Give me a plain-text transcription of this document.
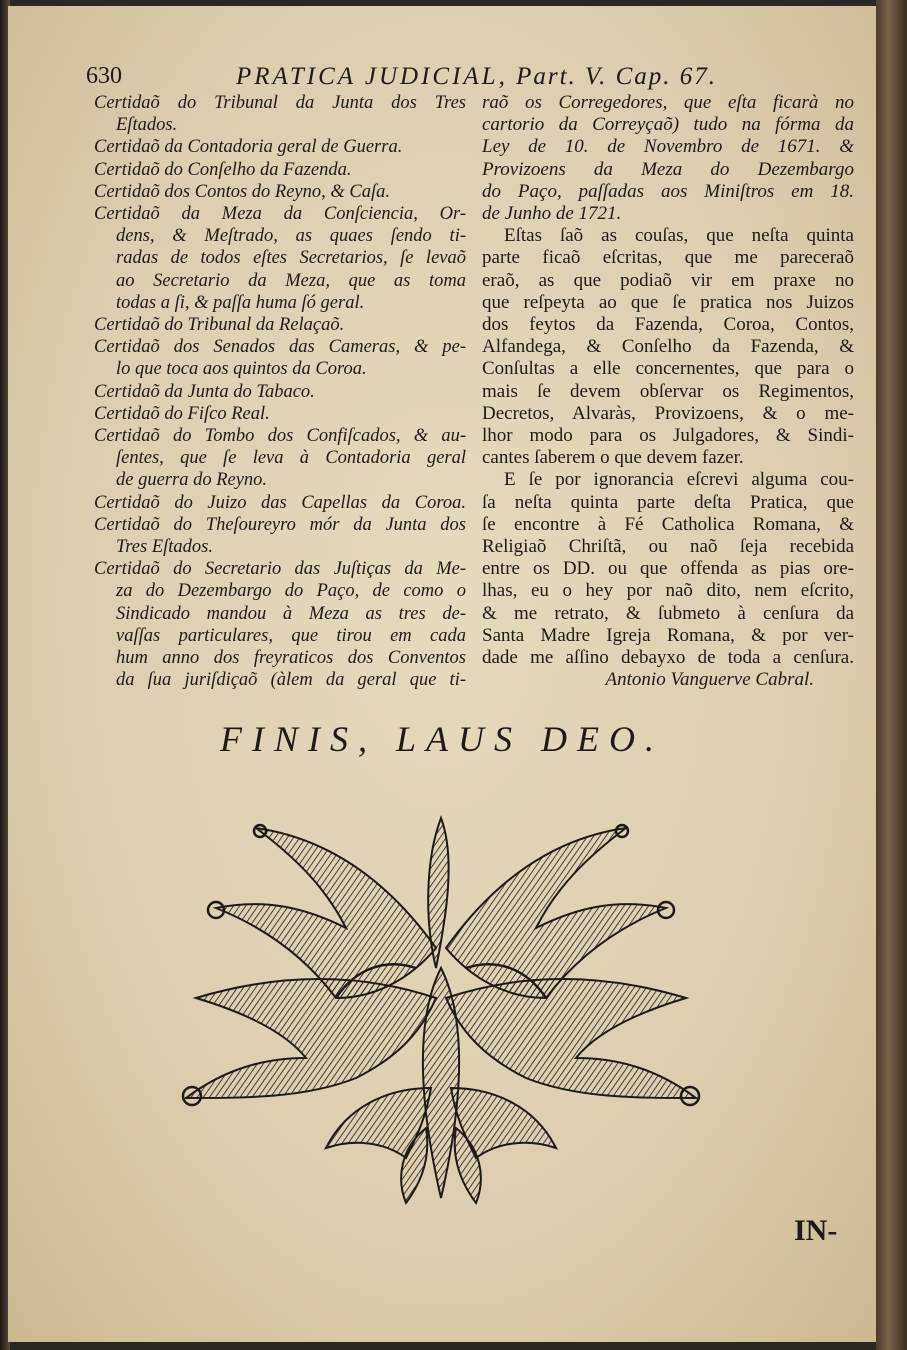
630	PRATICA JUDICIAL, Part. V. Cap. 67.
Certidaõ do Tribunal da Junta dos Tres
Eſtados.
Certidaõ da Contadoria geral de Guerra.
Certidaõ do Conſelho da Fazenda.
Certidaõ dos Contos do Reyno, & Caſa.
Certidaõ da Meza da Conſciencia, Or-
dens, & Meſtrado, as quaes ſendo ti-
radas de todos eſtes Secretarios, ſe levaõ
ao Secretario da Meza, que as toma
todas a ſi, & paſſa huma ſó geral.
Certidaõ do Tribunal da Relaçaõ.
Certidaõ dos Senados das Cameras, & pe-
lo que toca aos quintos da Coroa.
Certidaõ da Junta do Tabaco.
Certidaõ do Fiſco Real.
Certidaõ do Tombo dos Confiſcados, & au-
ſentes, que ſe leva à Contadoria geral
de guerra do Reyno.
Certidaõ do Juizo das Capellas da Coroa.
Certidaõ do Theſoureyro mór da Junta dos
Tres Eſtados.
Certidaõ do Secretario das Juſtiças da Me-
za do Dezembargo do Paço, de como o
Sindicado mandou à Meza as tres de-
vaſſas particulares, que tirou em cada
hum anno dos freyraticos dos Conventos
da ſua juriſdiçaõ (àlem da geral que ti-
raõ os Corregedores, que eſta ficarà no
cartorio da Correyçaõ) tudo na fórma da
Ley de 10. de Novembro de 1671. &
Provizoens da Meza do Dezembargo
do Paço, paſſadas aos Miniſtros em 18.
de Junho de 1721.
Eſtas ſaõ as couſas, que neſta quinta
parte ficaõ eſcritas, que me pareceraõ
eraõ, as que podiaõ vir em praxe no
que reſpeyta ao que ſe pratica nos Juizos
dos feytos da Fazenda, Coroa, Contos,
Alfandega, & Conſelho da Fazenda, &
Conſultas a elle concernentes, que para o
mais ſe devem obſervar os Regimentos,
Decretos, Alvaràs, Provizoens, & o me-
lhor modo para os Julgadores, & Sindi-
cantes ſaberem o que devem fazer.
E ſe por ignorancia eſcrevi alguma cou-
ſa neſta quinta parte deſta Pratica, que
ſe encontre à Fé Catholica Romana, &
Religiaõ Chriſtã, ou naõ ſeja recebida
entre os DD. ou que offenda as pias ore-
lhas, eu o hey por naõ dito, nem eſcrito,
& me retrato, & ſubmeto à cenſura da
Santa Madre Igreja Romana, & por ver-
dade me aſſino debayxo de toda a cenſura.
Antonio Vanguerve Cabral.
FINIS, LAUS DEO.
IN-
